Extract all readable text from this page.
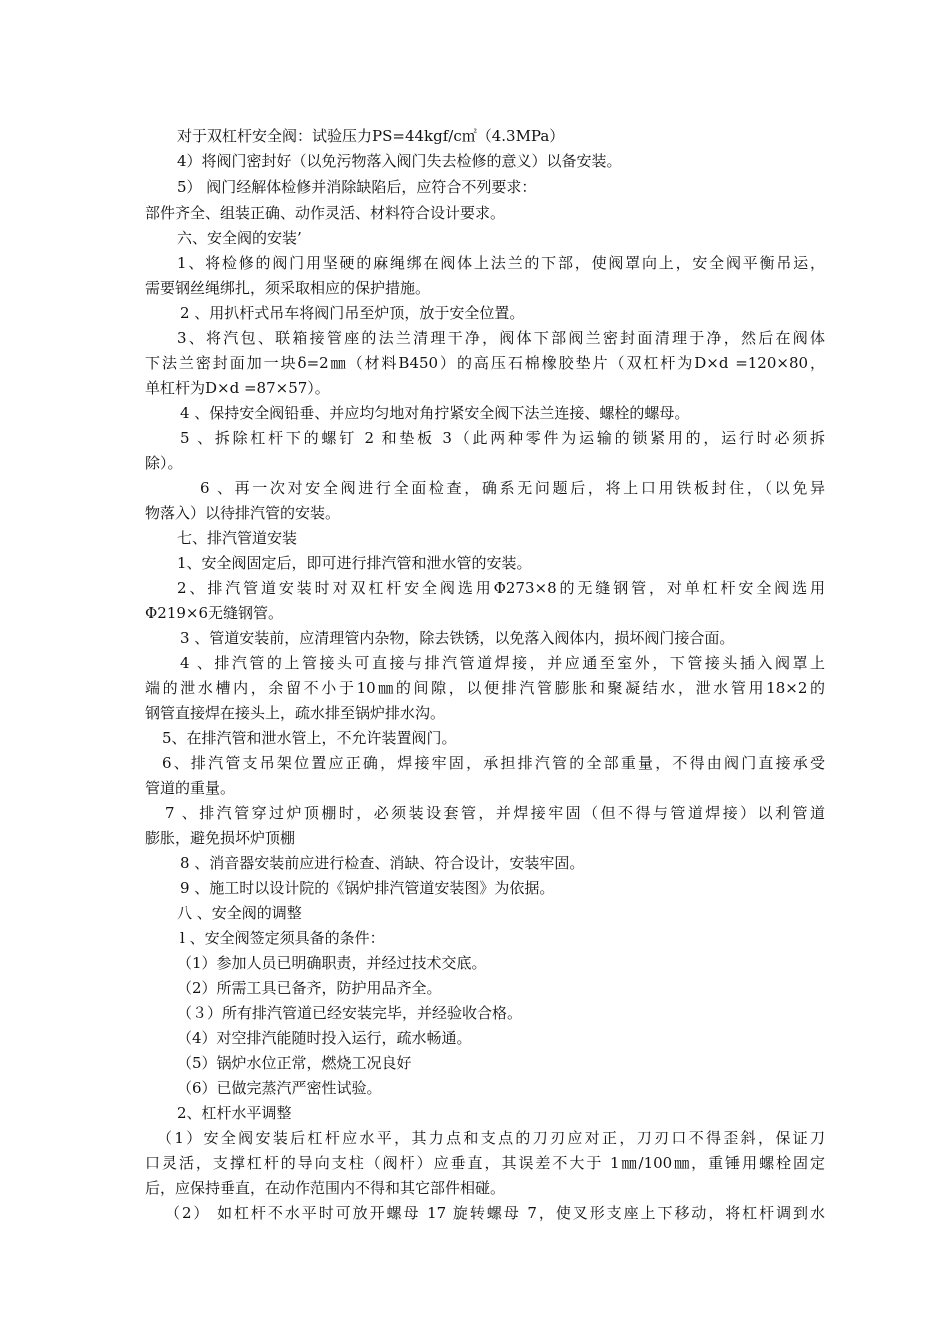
对于双杠杆安全阀：试验压力PS=44kgf/c㎡（4.3MPa）
4）将阀门密封好（以免污物落入阀门失去检修的意义）以备安装。
5） 阀门经解体检修并消除缺陷后，应符合不列要求：
部件齐全、组装正确、动作灵活、材料符合设计要求。
六、安全阀的安装’
1、将检修的阀门用坚硬的麻绳绑在阀体上法兰的下部，使阀罩向上，安全阀平衡吊运，
需要钢丝绳绑扎，须采取相应的保护措施。
2 、用扒杆式吊车将阀门吊至炉顶，放于安全位置。
3、将汽包、联箱接管座的法兰清理干净，阀体下部阀兰密封面清理于净，然后在阀体
下法兰密封面加一块δ=2㎜（材料B450）的高压石棉橡胶垫片（双杠杆为D×d =120×80，
单杠杆为D×d =87×57）。
4 、保持安全阀铅垂、并应均匀地对角拧紧安全阀下法兰连接、螺栓的螺母。
5 、拆除杠杆下的螺钉 2 和垫板 3（此两种零件为运输的锁紧用的，运行时必须拆
除）。
6 、再一次对安全阀进行全面检查，确系无问题后，将上口用铁板封住，（以免异
物落入）以待排汽管的安装。
七、排汽管道安装
1、安全阀固定后，即可进行排汽管和泄水管的安装。
2、排汽管道安装时对双杠杆安全阀选用Φ273×8的无缝钢管，对单杠杆安全阀选用
Φ219×6无缝钢管。
3 、管道安装前，应清理管内杂物，除去铁锈，以免落入阀体内，损坏阀门接合面。
4 、排汽管的上管接头可直接与排汽管道焊接，并应通至室外，下管接头插入阀罩上
端的泄水槽内，余留不小于10㎜的间隙，以便排汽管膨胀和聚凝结水，泄水管用18×2的
钢管直接焊在接头上，疏水排至锅炉排水沟。
5、在排汽管和泄水管上，不允许装置阀门。
6、排汽管支吊架位置应正确，焊接牢固，承担排汽管的全部重量，不得由阀门直接承受
管道的重量。
7 、排汽管穿过炉顶棚时，必须装设套管，并焊接牢固（但不得与管道焊接）以利管道
膨胀，避免损坏炉顶棚
8 、消音器安装前应进行检查、消缺、符合设计，安装牢固。
9 、施工时以设计院的《锅炉排汽管道安装图》为依据。
八 、安全阀的调整
l 、安全阀签定须具备的条件：
（1）参加人员已明确职责，并经过技术交底。
（2）所需工具已备齐，防护用品齐全。
（３）所有排汽管道已经安装完毕，并经验收合格。
（4）对空排汽能随时投入运行，疏水畅通。
（5）锅炉水位正常，燃烧工况良好
（6）已做完蒸汽严密性试验。
2、杠杆水平调整
（1）安全阀安装后杠杆应水平，其力点和支点的刀刃应对正，刀刃口不得歪斜，保证刀
口灵活，支撑杠杆的导向支柱（阀杆）应垂直，其误差不大于 1㎜/100㎜，重锤用螺栓固定
后，应保持垂直，在动作范围内不得和其它部件相碰。
（2） 如杠杆不水平时可放开螺母 17 旋转螺母 7，使叉形支座上下移动，将杠杆调到水
